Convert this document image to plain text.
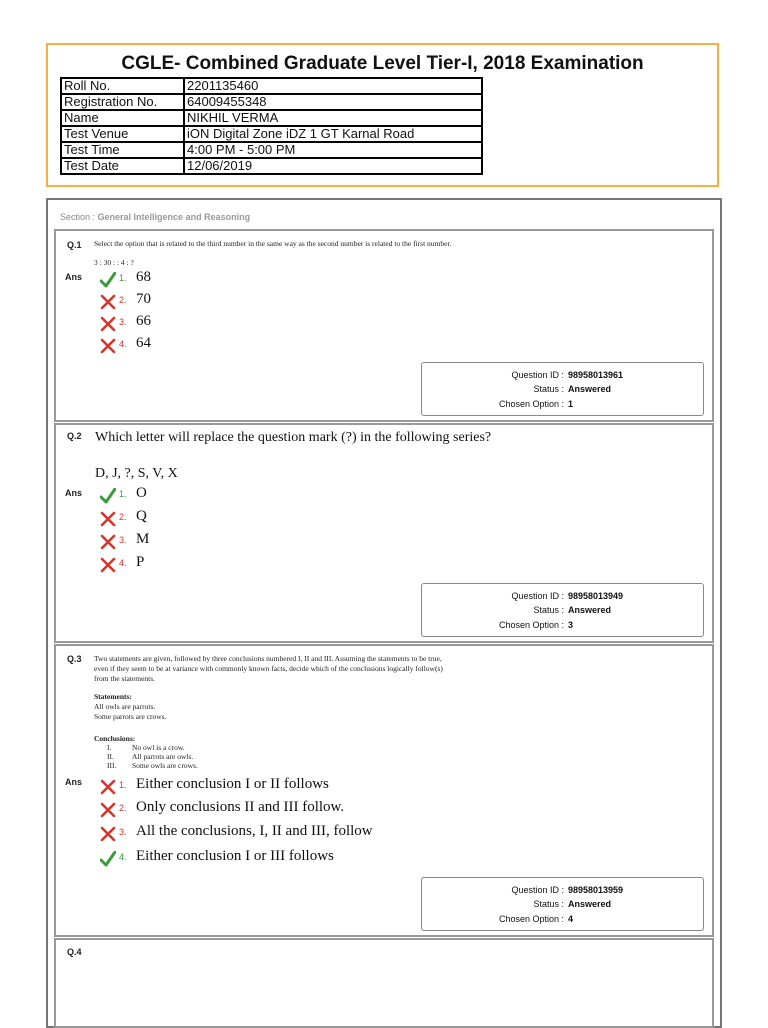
CGLE- Combined Graduate Level Tier-I, 2018 Examination
Roll No.	2201135460
Registration No.	64009455348
Name	NIKHIL VERMA
Test Venue	iON Digital Zone iDZ 1 GT Karnal Road
Test Time	4:00 PM - 5:00 PM
Test Date	12/06/2019
Section : General Intelligence and Reasoning
Q.1 Select the option that is related to the third number in the same way as the second number is related to the first number.
3 : 30 : : 4 : ?
Ans	1. 68
2. 70
3. 66
4. 64
Question ID : 98958013961
Status : Answered
Chosen Option : 1
Q.2 Which letter will replace the question mark (?) in the following series?
D, J, ?, S, V, X
Ans	1. O
2. Q
3. M
4. P
Question ID : 98958013949
Status : Answered
Chosen Option : 3
Q.3 Two statements are given, followed by three conclusions numbered I, II and III. Assuming the statements to be true,
even if they seem to be at variance with commonly known facts, decide which of the conclusions logically follow(s)
from the statements.
Statements:
All owls are parrots.
Some parrots are crows.
Conclusions:
I.	No owl is a crow.
II. All parrots are owls.
III. Some owls are crows.
Ans	1. Either conclusion I or II follows
2. Only conclusions II and III follow.
3. All the conclusions, I, II and III, follow
4. Either conclusion I or III follows
Question ID : 98958013959
Status : Answered
Chosen Option : 4
Q.4
